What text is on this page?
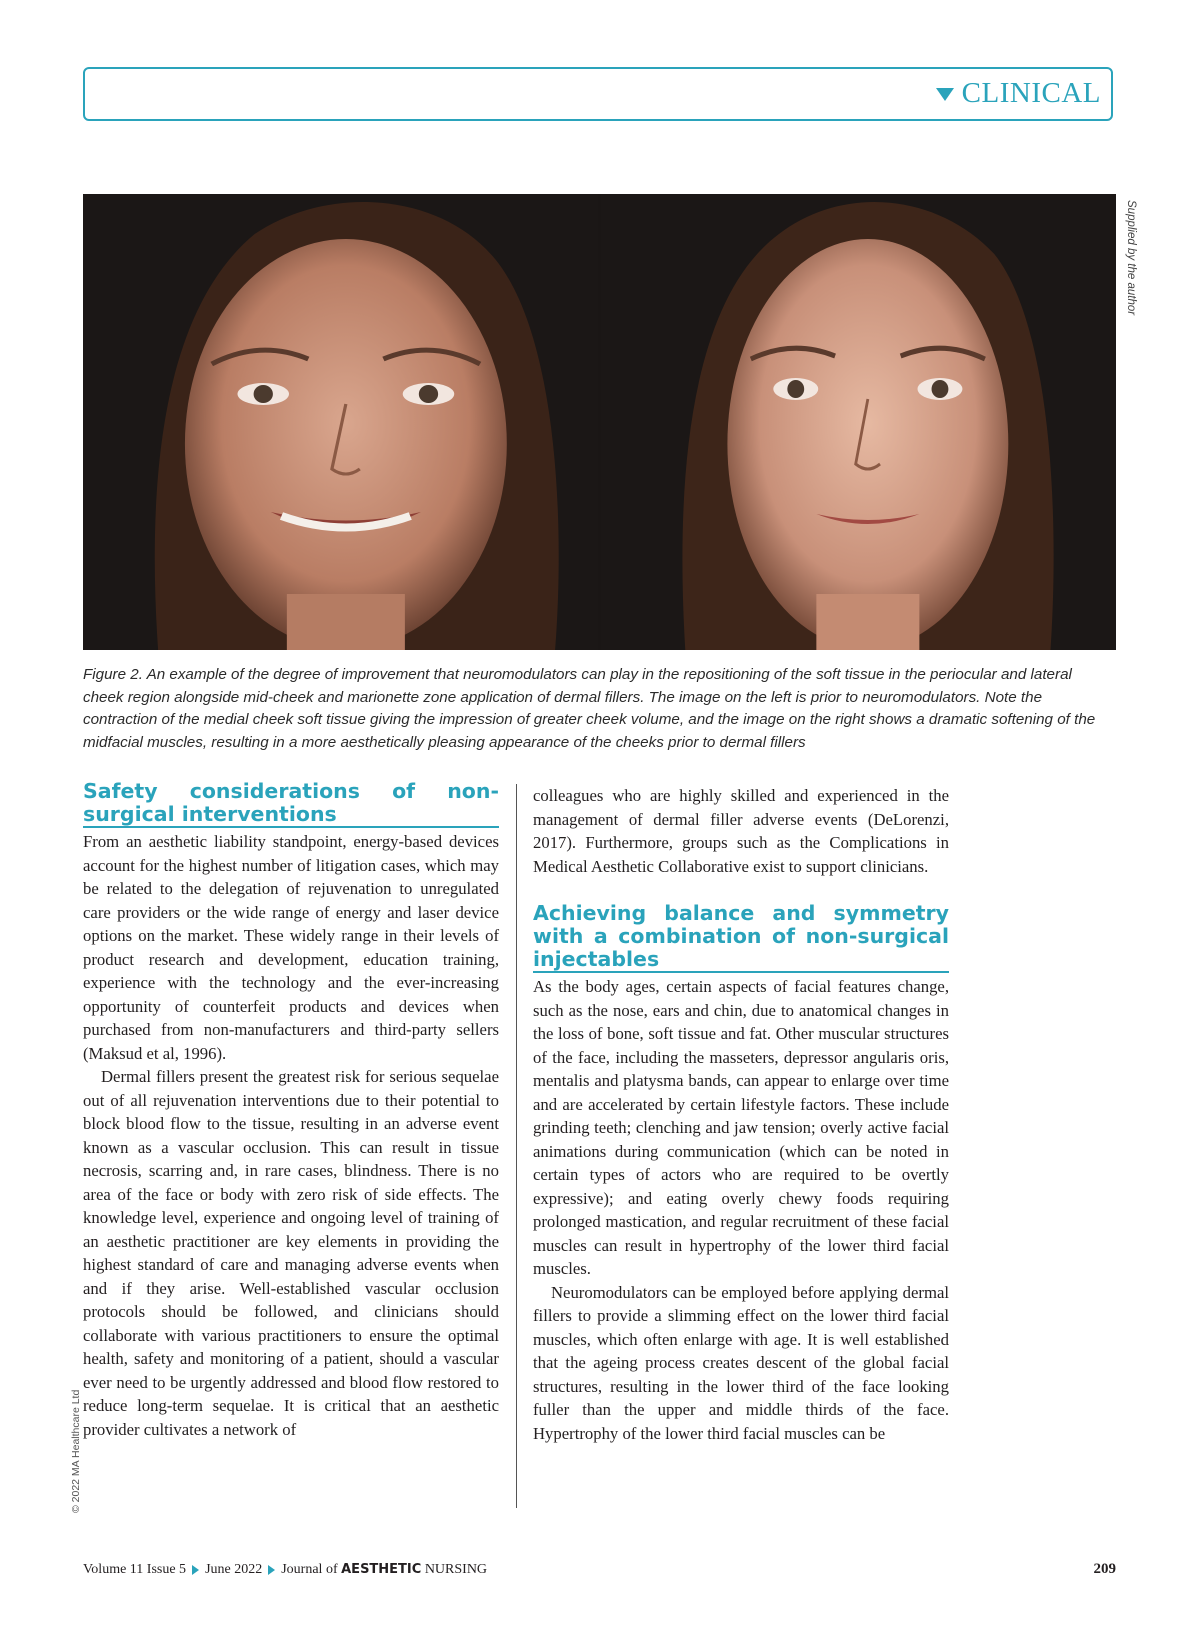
CLINICAL
Supplied by the author
Figure 2. An example of the degree of improvement that neuromodulators can play in the repositioning of the soft tissue in the periocular and lateral cheek region alongside mid-cheek and marionette zone application of dermal fillers. The image on the left is prior to neuromodulators. Note the contraction of the medial cheek soft tissue giving the impression of greater cheek volume, and the image on the right shows a dramatic softening of the midfacial muscles, resulting in a more aesthetically pleasing appearance of the cheeks prior to dermal fillers
Safety considerations of non-surgical interventions

From an aesthetic liability standpoint, energy-based devices account for the highest number of litigation cases, which may be related to the delegation of rejuvenation to unregulated care providers or the wide range of energy and laser device options on the market. These widely range in their levels of product research and development, education training, experience with the technology and the ever-increasing opportunity of counterfeit products and devices when purchased from non-manufacturers and third-party sellers (Maksud et al, 1996).

Dermal fillers present the greatest risk for serious sequelae out of all rejuvenation interventions due to their potential to block blood flow to the tissue, resulting in an adverse event known as a vascular occlusion. This can result in tissue necrosis, scarring and, in rare cases, blindness. There is no area of the face or body with zero risk of side effects. The knowledge level, experience and ongoing level of training of an aesthetic practitioner are key elements in providing the highest standard of care and managing adverse events when and if they arise. Well-established vascular occlusion protocols should be followed, and clinicians should collaborate with various practitioners to ensure the optimal health, safety and monitoring of a patient, should a vascular ever need to be urgently addressed and blood flow restored to reduce long-term sequelae. It is critical that an aesthetic provider cultivates a network of

colleagues who are highly skilled and experienced in the management of dermal filler adverse events (DeLorenzi, 2017). Furthermore, groups such as the Complications in Medical Aesthetic Collaborative exist to support clinicians.

Achieving balance and symmetry with a combination of non-surgical injectables

As the body ages, certain aspects of facial features change, such as the nose, ears and chin, due to anatomical changes in the loss of bone, soft tissue and fat. Other muscular structures of the face, including the masseters, depressor angularis oris, mentalis and platysma bands, can appear to enlarge over time and are accelerated by certain lifestyle factors. These include grinding teeth; clenching and jaw tension; overly active facial animations during communication (which can be noted in certain types of actors who are required to be overtly expressive); and eating overly chewy foods requiring prolonged mastication, and regular recruitment of these facial muscles can result in hypertrophy of the lower third facial muscles.

Neuromodulators can be employed before applying dermal fillers to provide a slimming effect on the lower third facial muscles, which often enlarge with age. It is well established that the ageing process creates descent of the global facial structures, resulting in the lower third of the face looking fuller than the upper and middle thirds of the face. Hypertrophy of the lower third facial muscles can be

© 2022 MA Healthcare Ltd
Volume 11 Issue 5 June 2022 Journal of
AESTHETIC
NURSING	209
